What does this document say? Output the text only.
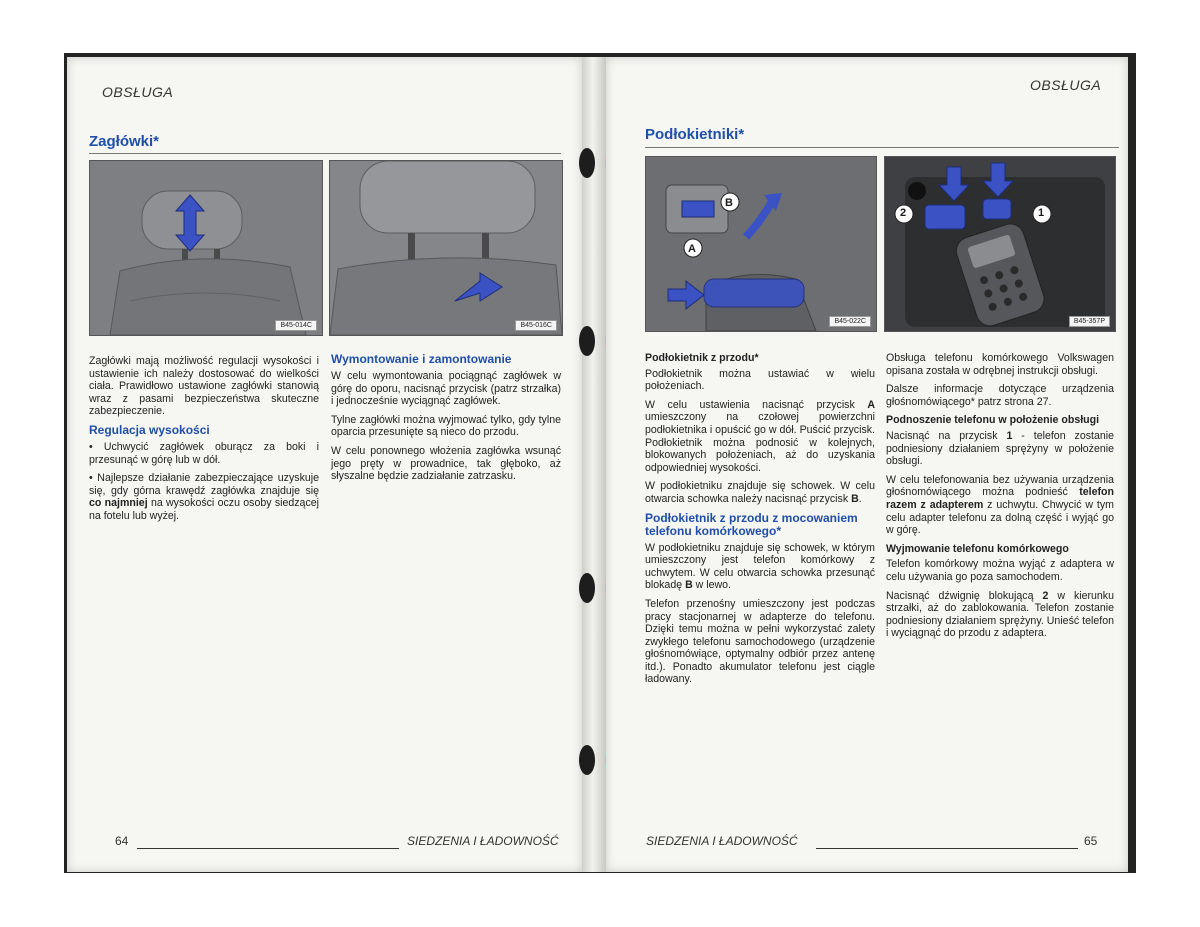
OBSŁUGA
Zagłówki*
B45-014C	B45-016C

Zagłówki mają możliwość regulacji wysokości i ustawienie ich należy dostosować do wielkości ciała. Prawidłowo ustawione zagłówki stanowią wraz z pasami bezpieczeństwa skuteczne zabezpieczenie.

Regulacja wysokości

• Uchwycić zagłówek oburącz za boki i przesunąć w górę lub w dół.

• Najlepsze działanie zabezpieczające uzyskuje się, gdy górna krawędź zagłówka znajduje się co najmniej na wysokości oczu osoby siedzącej na fotelu lub wyżej.

Wymontowanie i zamontowanie

W celu wymontowania pociągnąć zagłówek w górę do oporu, nacisnąć przycisk (patrz strzałka) i jednocześnie wyciągnąć zagłówek.

Tylne zagłówki można wyjmować tylko, gdy tylne oparcia przesunięte są nieco do przodu.

W celu ponownego włożenia zagłówka wsunąć jego pręty w prowadnice, tak głęboko, aż słyszalne będzie zadziałanie zatrzasku.

64	SIEDZENIA I ŁADOWNOŚĆ
OBSŁUGA
Podłokietniki*
A
B
B45-022C
2	1
B45-357P
Podłokietnik z przodu*

Podłokietnik można ustawiać w wielu położeniach.

W celu ustawienia nacisnąć przycisk A umieszczony na czołowej powierzchni podłokietnika i opuścić go w dół. Puścić przycisk. Podłokietnik można podnosić w kolejnych, blokowanych położeniach, aż do uzyskania odpowiedniej wysokości.

W podłokietniku znajduje się schowek. W celu otwarcia schowka należy nacisnąć przycisk B.

Podłokietnik z przodu z mocowaniem telefonu komórkowego*

W podłokietniku znajduje się schowek, w którym umieszczony jest telefon komórkowy z uchwytem. W celu otwarcia schowka przesunąć blokadę B w lewo.

Telefon przenośny umieszczony jest podczas pracy stacjonarnej w adapterze do telefonu. Dzięki temu można w pełni wykorzystać zalety zwykłego telefonu samochodowego (urządzenie głośnomówiące, optymalny odbiór przez antenę itd.). Ponadto akumulator telefonu jest ciągle ładowany.

Obsługa telefonu komórkowego Volkswagen opisana została w odrębnej instrukcji obsługi.

Dalsze informacje dotyczące urządzenia głośnomówiącego* patrz strona 27.

Podnoszenie telefonu w położenie obsługi

Nacisnąć na przycisk 1 - telefon zostanie podniesiony działaniem sprężyny w położenie obsługi.

W celu telefonowania bez używania urządzenia głośnomówiącego można podnieść telefon razem z adapterem z uchwytu. Chwycić w tym celu adapter telefonu za dolną część i wyjąć go w górę.

Wyjmowanie telefonu komórkowego

Telefon komórkowy można wyjąć z adaptera w celu używania go poza samochodem.

Nacisnąć dźwignię blokującą 2 w kierunku strzałki, aż do zablokowania. Telefon zostanie podniesiony działaniem sprężyny. Unieść telefon i wyciągnąć do przodu z adaptera.

SIEDZENIA I ŁADOWNOŚĆ	65
